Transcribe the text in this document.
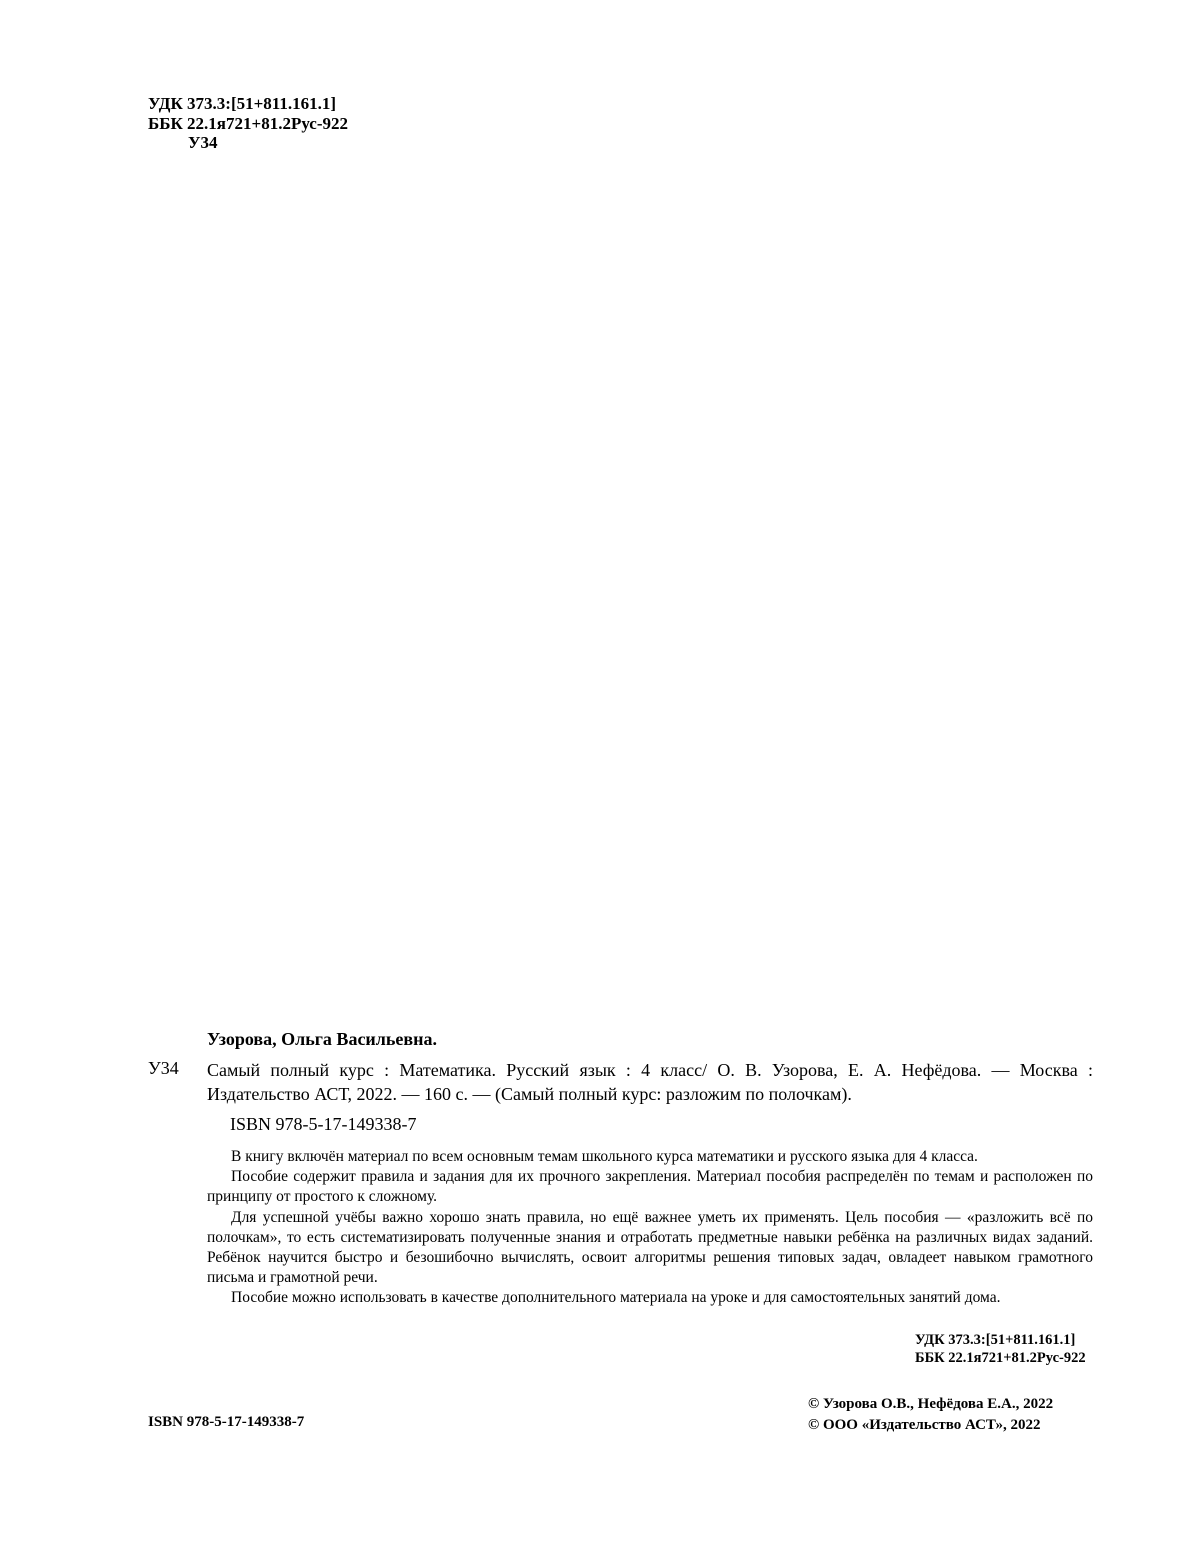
УДК 373.3:[51+811.161.1]
ББК 22.1я721+81.2Рус-922
У34
Узорова, Ольга Васильевна.
У34 Самый полный курс : Математика. Русский язык : 4 класс/ О. В. Узорова, Е. А. Нефёдова. — Москва : Издательство АСТ, 2022. — 160 с. — (Самый полный курс: разложим по полочкам).
ISBN 978-5-17-149338-7

В книгу включён материал по всем основным темам школьного курса математики и русского языка для 4 класса.

Пособие содержит правила и задания для их прочного закрепления. Материал пособия распределён по темам и расположен по принципу от простого к сложному.

Для успешной учёбы важно хорошо знать правила, но ещё важнее уметь их применять. Цель пособия — «разложить всё по полочкам», то есть систематизировать полученные знания и отработать предметные навыки ребёнка на различных видах заданий. Ребёнок научится быстро и безошибочно вычислять, освоит алгоритмы решения типовых задач, овладеет навыком грамотного письма и грамотной речи.

Пособие можно использовать в качестве дополнительного материала на уроке и для самостоятельных занятий дома.

УДК 373.3:[51+811.161.1]
ББК 22.1я721+81.2Рус-922
ISBN 978-5-17-149338-7
© Узорова О.В., Нефёдова Е.А., 2022
© ООО «Издательство АСТ», 2022
